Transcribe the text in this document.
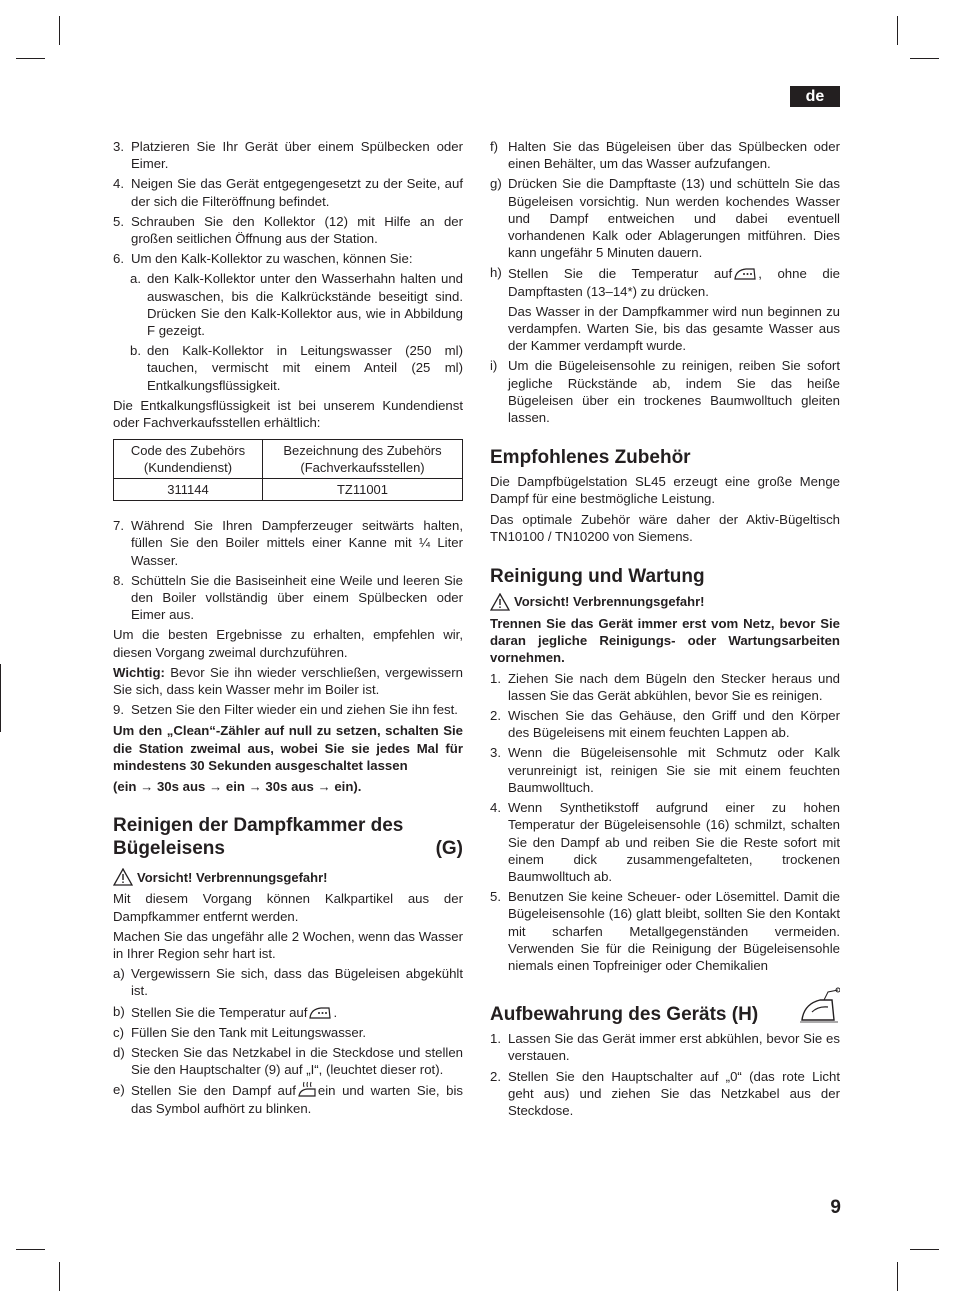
de
3. Platzieren Sie Ihr Gerät über einem Spülbecken oder Eimer.
4. Neigen Sie das Gerät entgegengesetzt zu der Seite, auf der sich die Filteröffnung befindet.
5. Schrauben Sie den Kollektor (12) mit Hilfe an der großen seitlichen Öffnung aus der Station.
6. Um den Kalk-Kollektor zu waschen, können Sie:
a. den Kalk-Kollektor unter den Wasserhahn halten und auswaschen, bis die Kalkrückstände beseitigt sind. Drücken Sie den Kalk-Kollektor aus, wie in Abbildung F gezeigt.
b. den Kalk-Kollektor in Leitungswasser (250 ml) tauchen, vermischt mit einem Anteil (25 ml) Entkalkungsflüssigkeit.

Die Entkalkungsflüssigkeit ist bei unserem Kundendienst oder Fachverkaufsstellen erhältlich:

Code des Zubehörs (Kundendienst)	Bezeichnung des Zubehörs (Fachverkaufsstellen)
311144	TZ11001
7. Während Sie Ihren Dampferzeuger seitwärts halten, füllen Sie den Boiler mittels einer Kanne mit ¼ Liter Wasser.
8. Schütteln Sie die Basiseinheit eine Weile und leeren Sie den Boiler vollständig über einem Spülbecken oder Eimer aus.

Um die besten Ergebnisse zu erhalten, empfehlen wir, diesen Vorgang zweimal durchzuführen.

Wichtig: Bevor Sie ihn wieder verschließen, vergewissern Sie sich, dass kein Wasser mehr im Boiler ist.

9. Setzen Sie den Filter wieder ein und ziehen Sie ihn fest.

Um den „Clean“-Zähler auf null zu setzen, schalten Sie die Station zweimal aus, wobei Sie sie jedes Mal für mindestens 30 Sekunden ausgeschaltet lassen

(ein → 30s aus → ein → 30s aus → ein).

Reinigen der Dampfkammer des
Bügeleisens	(G)
Vorsicht! Verbrennungsgefahr!

Mit diesem Vorgang können Kalkpartikel aus der Dampfkammer entfernt werden.

Machen Sie das ungefähr alle 2 Wochen, wenn das Wasser in Ihrer Region sehr hart ist.

a) Vergewissern Sie sich, dass das Bügeleisen abgekühlt ist.
b) Stellen Sie die Temperatur auf .
c) Füllen Sie den Tank mit Leitungswasser.
d) Stecken Sie das Netzkabel in die Steckdose und stellen Sie den Hauptschalter (9) auf „I“, (leuchtet dieser rot).
e) Stellen Sie den Dampf auf ein und warten Sie, bis das Symbol aufhört zu blinken.
f) Halten Sie das Bügeleisen über das Spülbecken oder einen Behälter, um das Wasser aufzufangen.
g) Drücken Sie die Dampftaste (13) und schütteln Sie das Bügeleisen vorsichtig. Nun werden kochendes Wasser und Dampf entweichen und dabei eventuell vorhandenen Kalk oder Ablagerungen mitführen. Dies kann ungefähr 5 Minuten dauern.
h) Stellen Sie die Temperatur auf , ohne die Dampftasten (13–14*) zu drücken.

Das Wasser in der Dampfkammer wird nun beginnen zu verdampfen. Warten Sie, bis das gesamte Wasser aus der Kammer verdampft wurde.

i) Um die Bügeleisensohle zu reinigen, reiben Sie sofort jegliche Rückstände ab, indem Sie das heiße Bügeleisen über ein trockenes Baumwolltuch gleiten lassen.
Empfohlenes Zubehör

Die Dampfbügelstation SL45 erzeugt eine große Menge Dampf für eine bestmögliche Leistung.

Das optimale Zubehör wäre daher der Aktiv-Bügeltisch TN10100 / TN10200 von Siemens.

Reinigung und Wartung
Vorsicht! Verbrennungsgefahr!

Trennen Sie das Gerät immer erst vom Netz, bevor Sie daran jegliche Reinigungs- oder Wartungsarbeiten vornehmen.

1. Ziehen Sie nach dem Bügeln den Stecker heraus und lassen Sie das Gerät abkühlen, bevor Sie es reinigen.
2. Wischen Sie das Gehäuse, den Griff und den Körper des Bügeleisens mit einem feuchten Lappen ab.
3. Wenn die Bügeleisensohle mit Schmutz oder Kalk verunreinigt ist, reinigen Sie sie mit einem feuchten Baumwolltuch.
4. Wenn Synthetikstoff aufgrund einer zu hohen Temperatur der Bügeleisensohle (16) schmilzt, schalten Sie den Dampf ab und reiben Sie die Reste sofort mit einem dick zusammengefalteten, trockenen Baumwolltuch ab.
5. Benutzen Sie keine Scheuer- oder Lösemittel. Damit die Bügeleisensohle (16) glatt bleibt, sollten Sie den Kontakt mit scharfen Metallgegenständen vermeiden. Verwenden Sie für die Reinigung der Bügeleisensohle niemals einen Topfreiniger oder Chemikalien
Aufbewahrung des Geräts (H)
1. Lassen Sie das Gerät immer erst abkühlen, bevor Sie es verstauen.
2. Stellen Sie den Hauptschalter auf „0“ (das rote Licht geht aus) und ziehen Sie das Netzkabel aus der Steckdose.
9
